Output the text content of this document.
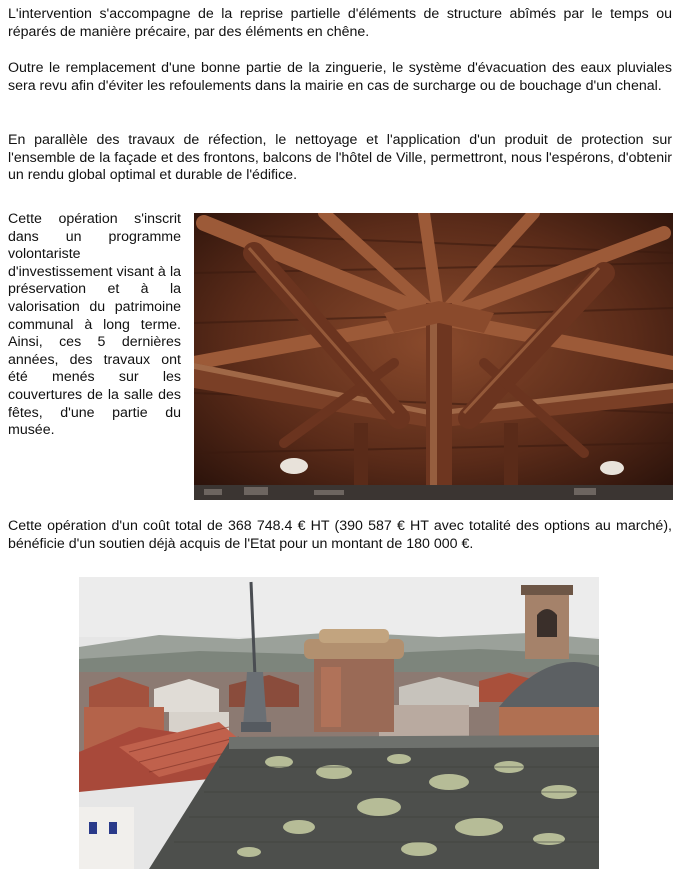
L'intervention s'accompagne de la reprise partielle d'éléments de structure abîmés par le temps ou réparés de manière précaire, par des éléments en chêne.

Outre le remplacement d'une bonne partie de la zinguerie, le système d'évacuation des eaux pluviales sera revu afin d'éviter les refoulements dans la mairie en cas de surcharge ou de bouchage d'un chenal.

En parallèle des travaux de réfection, le nettoyage et l'application d'un produit de protection sur l'ensemble de la façade et des frontons, balcons de l'hôtel de Ville, permettront, nous l'espérons, d'obtenir un rendu global optimal et durable de l'édifice.

Cette opération s'inscrit dans un programme volontariste d'investissement visant à la préservation et à la valorisation du patrimoine communal à long terme. Ainsi, ces 5 dernières années, des travaux ont été menés sur les couvertures de la salle des fêtes, d'une partie du musée.

Cette opération d'un coût total de 368 748.4 € HT (390 587 € HT avec totalité des options au marché), bénéficie d'un soutien déjà acquis de l'Etat pour un montant de 180 000 €.
